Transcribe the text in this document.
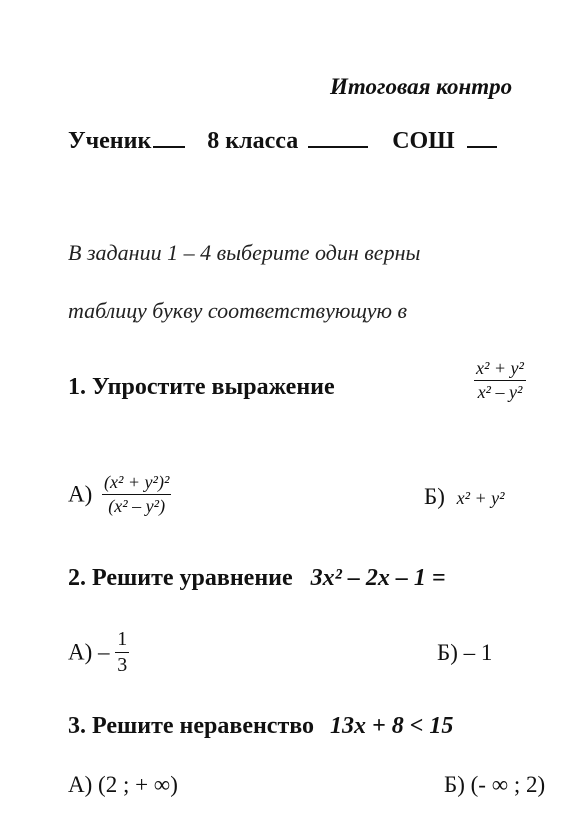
Итоговая контро
Ученик 8 класса	СОШ
В задании 1 – 4 выберите один верны
таблицу букву соответствующую в
1. Упростите выражение	$\frac{\text{x² + y²}}{\text{x² – y²}}$
$А) \frac{\text{(x² + y²)²}}{\text{(x² – y²)}}$	Б) x² + y²
2. Решите уравнение 3x² – 2x – 1 =
$А) - \frac{1}{3}$	Б) – 1
3. Решите неравенство 13x + 8 < 15
А) (2 ; + ∞)	Б) (- ∞ ; 2)
